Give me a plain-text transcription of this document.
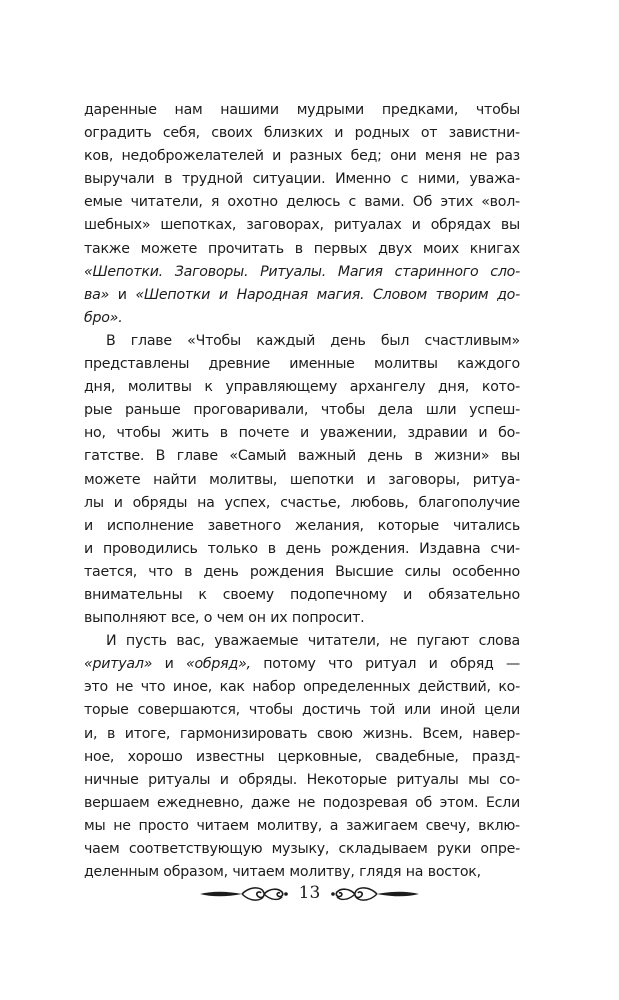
даренные нам нашими мудрыми предками, чтобы
оградить себя, своих близких и родных от завистни-
ков, недоброжелателей и разных бед; они меня не раз
выручали в трудной ситуации. Именно с ними, уважа-
емые читатели, я охотно делюсь с вами. Об этих «вол-
шебных» шепотках, заговорах, ритуалах и обрядах вы
также можете прочитать в первых двух моих книгах
«Шепотки. Заговоры. Ритуалы. Магия старинного сло-
ва» и «Шепотки и Народная магия. Словом творим до-
бро».
В главе «Чтобы каждый день был счастливым»
представлены древние именные молитвы каждого
дня, молитвы к управляющему архангелу дня, кото-
рые раньше проговаривали, чтобы дела шли успеш-
но, чтобы жить в почете и уважении, здравии и бо-
гатстве. В главе «Самый важный день в жизни» вы
можете найти молитвы, шепотки и заговоры, ритуа-
лы и обряды на успех, счастье, любовь, благополучие
и исполнение заветного желания, которые читались
и проводились только в день рождения. Издавна счи-
тается, что в день рождения Высшие силы особенно
внимательны к своему подопечному и обязательно
выполняют все, о чем он их попросит.
И пусть вас, уважаемые читатели, не пугают слова
«ритуал» и «обряд», потому что ритуал и обряд —
это не что иное, как набор определенных действий, ко-
торые совершаются, чтобы достичь той или иной цели
и, в итоге, гармонизировать свою жизнь. Всем, навер-
ное, хорошо известны церковные, свадебные, празд-
ничные ритуалы и обряды. Некоторые ритуалы мы со-
вершаем ежедневно, даже не подозревая об этом. Если
мы не просто читаем молитву, а зажигаем свечу, вклю-
чаем соответствующую музыку, складываем руки опре-
деленным образом, читаем молитву, глядя на восток,
13
